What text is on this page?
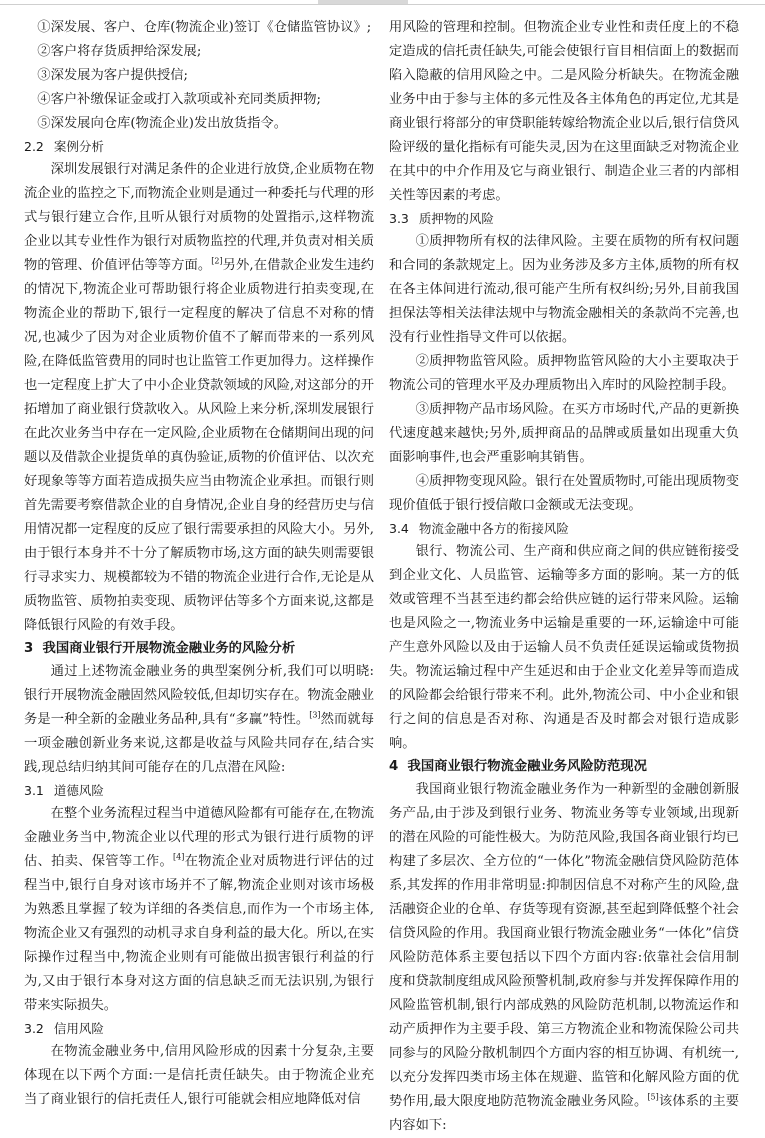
①深发展、客户、仓库(物流企业)签订《仓储监管协议》;

②客户将存货质押给深发展;

③深发展为客户提供授信;

④客户补缴保证金或打入款项或补充同类质押物;

⑤深发展向仓库(物流企业)发出放货指令。

2.2 案例分析

深圳发展银行对满足条件的企业进行放贷,企业质物在物流企业的监控之下,而物流企业则是通过一种委托与代理的形式与银行建立合作,且听从银行对质物的处置指示,这样物流企业以其专业性作为银行对质物监控的代理,并负责对相关质物的管理、价值评估等等方面。[2]另外,在借款企业发生违约的情况下,物流企业可帮助银行将企业质物进行拍卖变现,在物流企业的帮助下,银行一定程度的解决了信息不对称的情况,也减少了因为对企业质物价值不了解而带来的一系列风险,在降低监管费用的同时也让监管工作更加得力。这样操作也一定程度上扩大了中小企业贷款领域的风险,对这部分的开拓增加了商业银行贷款收入。从风险上来分析,深圳发展银行在此次业务当中存在一定风险,企业质物在仓储期间出现的问题以及借款企业提货单的真伪验证,质物的价值评估、以次充好现象等等方面若造成损失应当由物流企业承担。而银行则首先需要考察借款企业的自身情况,企业自身的经营历史与信用情况都一定程度的反应了银行需要承担的风险大小。另外,由于银行本身并不十分了解质物市场,这方面的缺失则需要银行寻求实力、规模都较为不错的物流企业进行合作,无论是从质物监管、质物拍卖变现、质物评估等多个方面来说,这都是降低银行风险的有效手段。

3 我国商业银行开展物流金融业务的风险分析

通过上述物流金融业务的典型案例分析,我们可以明晓:银行开展物流金融固然风险较低,但却切实存在。物流金融业务是一种全新的金融业务品种,具有“多赢”特性。[3]然而就每一项金融创新业务来说,这都是收益与风险共同存在,结合实践,现总结归纳其间可能存在的几点潜在风险:

3.1 道德风险

在整个业务流程过程当中道德风险都有可能存在,在物流金融业务当中,物流企业以代理的形式为银行进行质物的评估、拍卖、保管等工作。[4]在物流企业对质物进行评估的过程当中,银行自身对该市场并不了解,物流企业则对该市场极为熟悉且掌握了较为详细的各类信息,而作为一个市场主体,物流企业又有强烈的动机寻求自身利益的最大化。所以,在实际操作过程当中,物流企业则有可能做出损害银行利益的行为,又由于银行本身对这方面的信息缺乏而无法识别,为银行带来实际损失。

3.2 信用风险

在物流金融业务中,信用风险形成的因素十分复杂,主要体现在以下两个方面:一是信托责任缺失。由于物流企业充当了商业银行的信托责任人,银行可能就会相应地降低对信

用风险的管理和控制。但物流企业专业性和责任度上的不稳定造成的信托责任缺失,可能会使银行盲目相信面上的数据而陷入隐蔽的信用风险之中。二是风险分析缺失。在物流金融业务中由于参与主体的多元性及各主体角色的再定位,尤其是商业银行将部分的审贷职能转嫁给物流企业以后,银行信贷风险评级的量化指标有可能失灵,因为在这里面缺乏对物流企业在其中的中介作用及它与商业银行、制造企业三者的内部相关性等因素的考虑。

3.3 质押物的风险

①质押物所有权的法律风险。主要在质物的所有权问题和合同的条款规定上。因为业务涉及多方主体,质物的所有权在各主体间进行流动,很可能产生所有权纠纷;另外,目前我国担保法等相关法律法规中与物流金融相关的条款尚不完善,也没有行业性指导文件可以依据。

②质押物监管风险。质押物监管风险的大小主要取决于物流公司的管理水平及办理质物出入库时的风险控制手段。

③质押物产品市场风险。在买方市场时代,产品的更新换代速度越来越快;另外,质押商品的品牌或质量如出现重大负面影响事件,也会严重影响其销售。

④质押物变现风险。银行在处置质物时,可能出现质物变现价值低于银行授信敞口金额或无法变现。

3.4 物流金融中各方的衔接风险

银行、物流公司、生产商和供应商之间的供应链衔接受到企业文化、人员监管、运输等多方面的影响。某一方的低效或管理不当甚至违约都会给供应链的运行带来风险。运输也是风险之一,物流业务中运输是重要的一环,运输途中可能产生意外风险以及由于运输人员不负责任延误运输或货物损失。物流运输过程中产生延迟和由于企业文化差异等而造成的风险都会给银行带来不利。此外,物流公司、中小企业和银行之间的信息是否对称、沟通是否及时都会对银行造成影响。

4 我国商业银行物流金融业务风险防范现况

我国商业银行物流金融业务作为一种新型的金融创新服务产品,由于涉及到银行业务、物流业务等专业领域,出现新的潜在风险的可能性极大。为防范风险,我国各商业银行均已构建了多层次、全方位的“一体化”物流金融信贷风险防范体系,其发挥的作用非常明显:抑制因信息不对称产生的风险,盘活融资企业的仓单、存货等现有资源,甚至起到降低整个社会信贷风险的作用。我国商业银行物流金融业务“一体化”信贷风险防范体系主要包括以下四个方面内容:依靠社会信用制度和贷款制度组成风险预警机制,政府参与并发挥保障作用的风险监管机制,银行内部成熟的风险防范机制,以物流运作和动产质押作为主要手段、第三方物流企业和物流保险公司共同参与的风险分散机制四个方面内容的相互协调、有机统一,以充分发挥四类市场主体在规避、监管和化解风险方面的优势作用,最大限度地防范物流金融业务风险。[5]该体系的主要内容如下:
